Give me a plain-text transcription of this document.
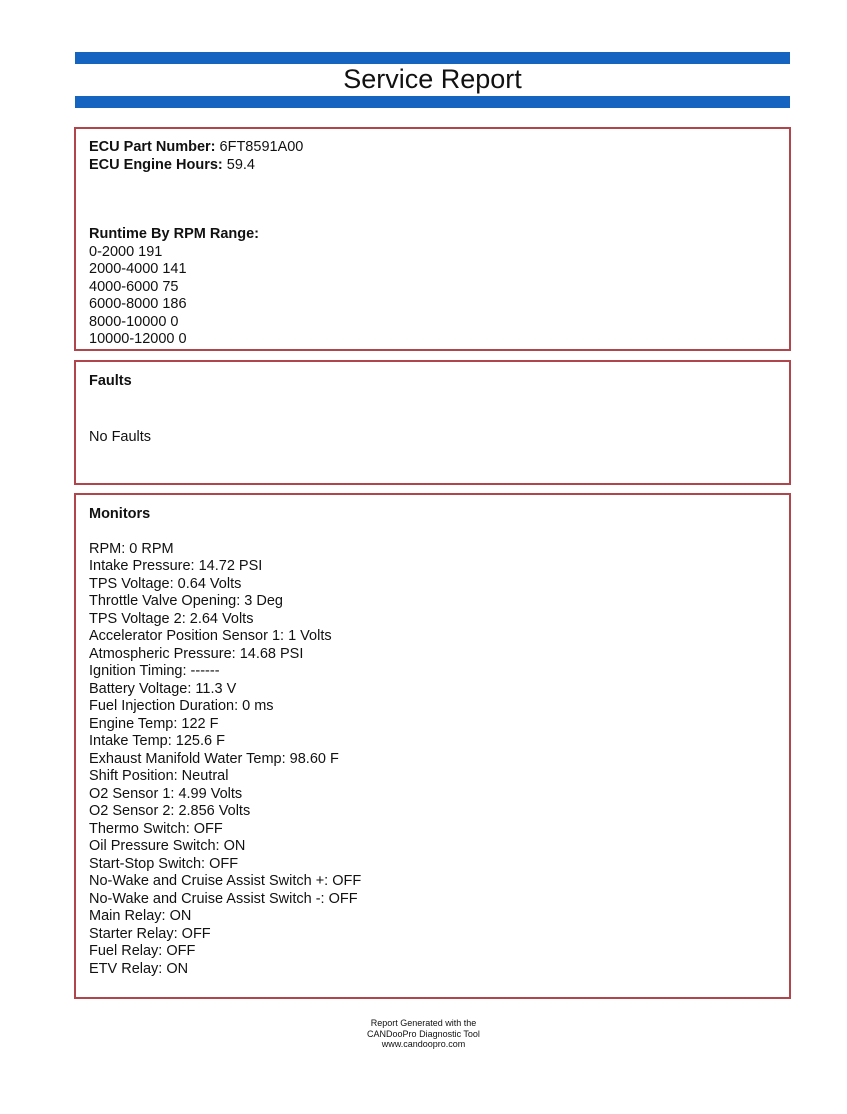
Service Report
ECU Part Number: 6FT8591A00
ECU Engine Hours: 59.4
Runtime By RPM Range:
0-2000 191
2000-4000 141
4000-6000 75
6000-8000 186
8000-10000 0
10000-12000 0
Faults
No Faults
Monitors
RPM: 0 RPM
Intake Pressure: 14.72 PSI
TPS Voltage: 0.64 Volts
Throttle Valve Opening: 3 Deg
TPS Voltage 2: 2.64 Volts
Accelerator Position Sensor 1: 1 Volts
Atmospheric Pressure: 14.68 PSI
Ignition Timing: ------
Battery Voltage: 11.3 V
Fuel Injection Duration: 0 ms
Engine Temp: 122 F
Intake Temp: 125.6 F
Exhaust Manifold Water Temp: 98.60 F
Shift Position: Neutral
O2 Sensor 1: 4.99 Volts
O2 Sensor 2: 2.856 Volts
Thermo Switch: OFF
Oil Pressure Switch: ON
Start-Stop Switch: OFF
No-Wake and Cruise Assist Switch +: OFF
No-Wake and Cruise Assist Switch -: OFF
Main Relay: ON
Starter Relay: OFF
Fuel Relay: OFF
ETV Relay: ON
Report Generated with the
CANDooPro Diagnostic Tool
www.candoopro.com
